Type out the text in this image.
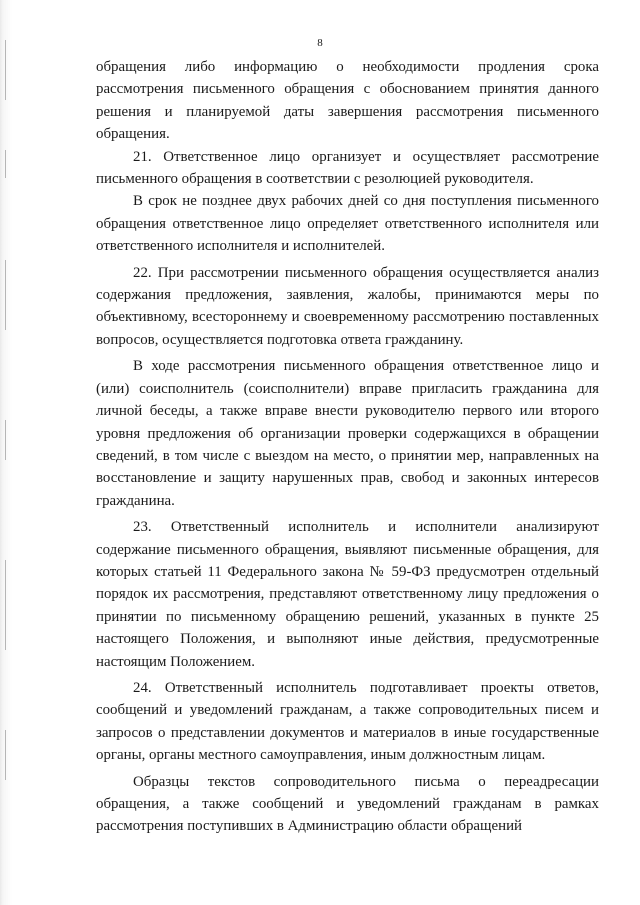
8

обращения либо информацию о необходимости продления срока рассмотрения письменного обращения с обоснованием принятия данного решения и планируемой даты завершения рассмотрения письменного обращения.

21. Ответственное лицо организует и осуществляет рассмотрение письменного обращения в соответствии с резолюцией руководителя.

В срок не позднее двух рабочих дней со дня поступления письменного обращения ответственное лицо определяет ответственного исполнителя или ответственного исполнителя и исполнителей.

22. При рассмотрении письменного обращения осуществляется анализ содержания предложения, заявления, жалобы, принимаются меры по объективному, всестороннему и своевременному рассмотрению поставленных вопросов, осуществляется подготовка ответа гражданину.

В ходе рассмотрения письменного обращения ответственное лицо и (или) соисполнитель (соисполнители) вправе пригласить гражданина для личной беседы, а также вправе внести руководителю первого или второго уровня предложения об организации проверки содержащихся в обращении сведений, в том числе с выездом на место, о принятии мер, направленных на восстановление и защиту нарушенных прав, свобод и законных интересов гражданина.

23. Ответственный исполнитель и исполнители анализируют содержание письменного обращения, выявляют письменные обращения, для которых статьей 11 Федерального закона № 59-ФЗ предусмотрен отдельный порядок их рассмотрения, представляют ответственному лицу предложения о принятии по письменному обращению решений, указанных в пункте 25 настоящего Положения, и выполняют иные действия, предусмотренные настоящим Положением.

24. Ответственный исполнитель подготавливает проекты ответов, сообщений и уведомлений гражданам, а также сопроводительных писем и запросов о представлении документов и материалов в иные государственные органы, органы местного самоуправления, иным должностным лицам.

Образцы текстов сопроводительного письма о переадресации обращения, а также сообщений и уведомлений гражданам в рамках рассмотрения поступивших в Администрацию области обращений
